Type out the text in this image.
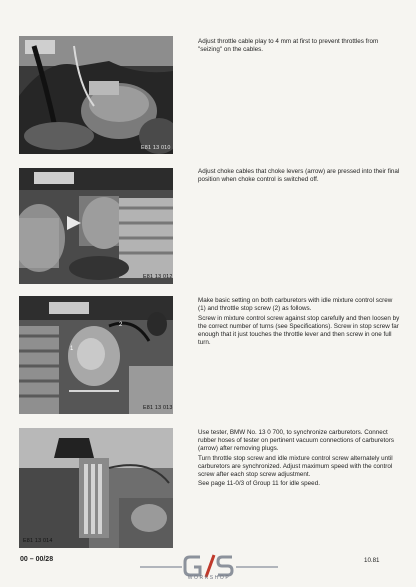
E81 13 010
E81 13 012
1
2
E81 13 013
E81 13 014

Adjust throttle cable play to 4 mm at first to prevent throttles from "seizing" on the cables.

Adjust choke cables that choke levers (arrow) are pressed into their final position when choke control is switched off.

Make basic setting on both carburetors with idle mixture control screw (1) and throttle stop screw (2) as follows.

Screw in mixture control screw against stop carefully and then loosen by the correct number of turns (see Specifications). Screw in stop screw far enough that it just touches the throttle lever and then screw in one full turn.

Use tester, BMW No. 13 0 700, to synchronize carburetors. Connect rubber hoses of tester on pertinent vacuum connections of carburetors (arrow) after removing plugs.

Turn throttle stop screw and idle mixture control screw alternately until carburetors are synchronized. Adjust maximum speed with the control screw after each stop screw adjustment.

See page 11-0/3 of Group 11 for idle speed.

00 – 00/28
WORKSHOP
10.81
